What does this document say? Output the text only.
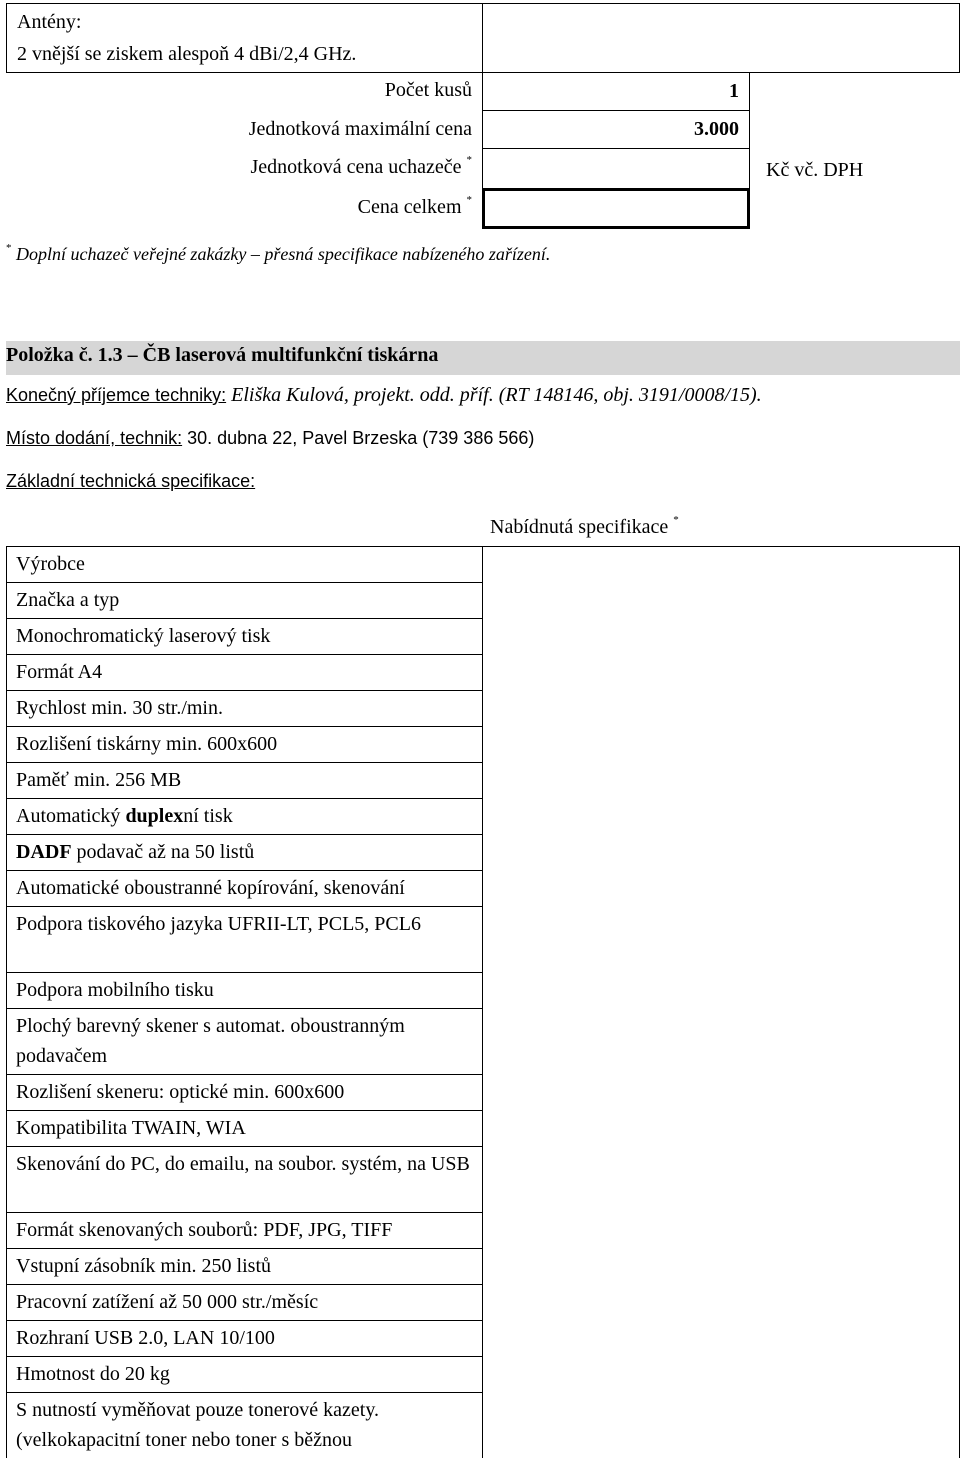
Antény:
2 vnější se ziskem alespoň 4 dBi/2,4 GHz.
Počet kusů
Jednotková maximální cena
Jednotková cena uchazeče *
Cena celkem *
1
3.000
Kč vč. DPH
* Doplní uchazeč veřejné zakázky – přesná specifikace nabízeného zařízení.
Položka č. 1.3 – ČB laserová multifunkční tiskárna
Konečný příjemce techniky: Eliška Kulová, projekt. odd. příf. (RT 148146, obj. 3191/0008/15).
Místo dodání, technik: 30. dubna 22, Pavel Brzeska (739 386 566)
Základní technická specifikace:
Nabídnutá specifikace *
Výrobce
Značka a typ
Monochromatický laserový tisk
Formát A4
Rychlost min. 30 str./min.
Rozlišení tiskárny min. 600x600
Paměť min. 256 MB
Automatický duplexní tisk
DADF podavač až na 50 listů
Automatické oboustranné kopírování, skenování
Podpora tiskového jazyka UFRII-LT, PCL5, PCL6
Podpora mobilního tisku
Plochý barevný skener s automat. oboustranným podavačem
Rozlišení skeneru: optické min. 600x600
Kompatibilita TWAIN, WIA
Skenování do PC, do emailu, na soubor. systém, na USB
Formát skenovaných souborů: PDF, JPG, TIFF
Vstupní zásobník min. 250 listů
Pracovní zatížení až 50 000 str./měsíc
Rozhraní USB 2.0, LAN 10/100
Hmotnost do 20 kg
S nutností vyměňovat pouze tonerové kazety. (velkokapacitní toner nebo toner s běžnou
